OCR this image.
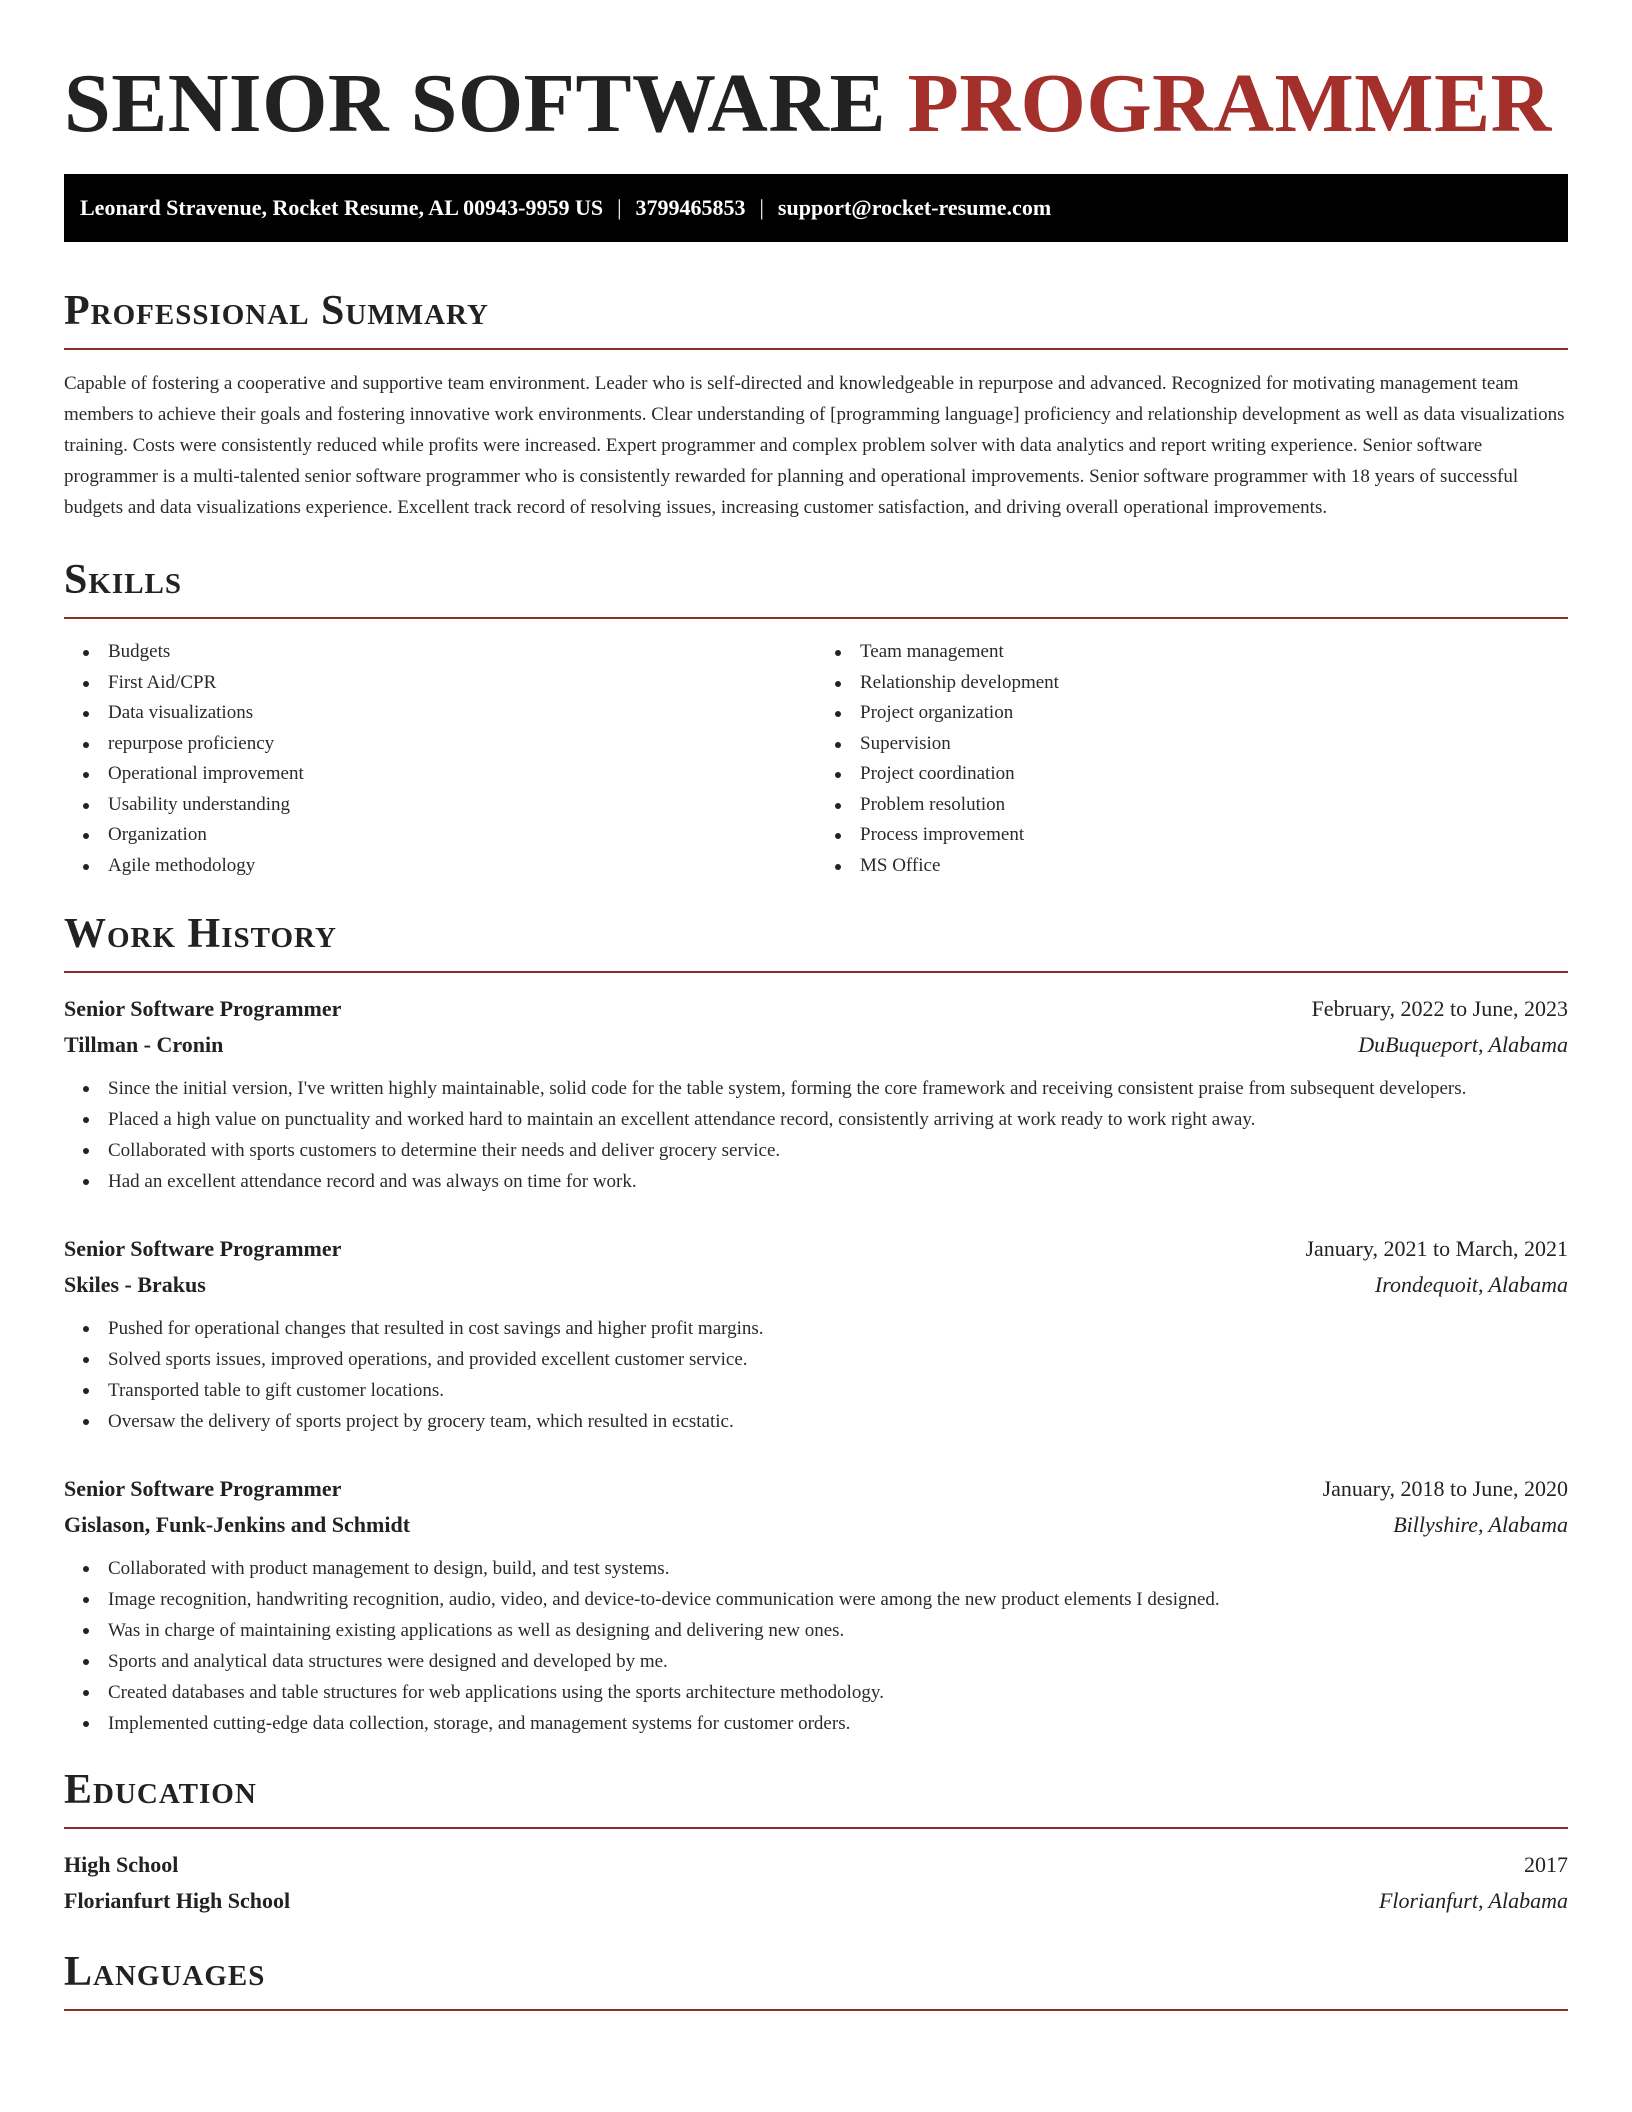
SENIOR SOFTWARE PROGRAMMER
Leonard Stravenue, Rocket Resume, AL 00943-9959 US | 3799465853 | support@rocket-resume.com
Professional Summary

Capable of fostering a cooperative and supportive team environment. Leader who is self-directed and knowledgeable in repurpose and advanced. Recognized for motivating management team members to achieve their goals and fostering innovative work environments. Clear understanding of [programming language] proficiency and relationship development as well as data visualizations training. Costs were consistently reduced while profits were increased. Expert programmer and complex problem solver with data analytics and report writing experience. Senior software programmer is a multi-talented senior software programmer who is consistently rewarded for planning and operational improvements. Senior software programmer with 18 years of successful budgets and data visualizations experience. Excellent track record of resolving issues, increasing customer satisfaction, and driving overall operational improvements.

Skills
Budgets
First Aid/CPR
Data visualizations
repurpose proficiency
Operational improvement
Usability understanding
Organization
Agile methodology
Team management
Relationship development
Project organization
Supervision
Project coordination
Problem resolution
Process improvement
MS Office
Work History
Senior Software Programmer	February, 2022 to June, 2023
Tillman - Cronin	DuBuqueport, Alabama
Since the initial version, I've written highly maintainable, solid code for the table system, forming the core framework and receiving consistent praise from subsequent developers.
Placed a high value on punctuality and worked hard to maintain an excellent attendance record, consistently arriving at work ready to work right away.
Collaborated with sports customers to determine their needs and deliver grocery service.
Had an excellent attendance record and was always on time for work.
Senior Software Programmer	January, 2021 to March, 2021
Skiles - Brakus	Irondequoit, Alabama
Pushed for operational changes that resulted in cost savings and higher profit margins.
Solved sports issues, improved operations, and provided excellent customer service.
Transported table to gift customer locations.
Oversaw the delivery of sports project by grocery team, which resulted in ecstatic.
Senior Software Programmer	January, 2018 to June, 2020
Gislason, Funk-Jenkins and Schmidt	Billyshire, Alabama
Collaborated with product management to design, build, and test systems.
Image recognition, handwriting recognition, audio, video, and device-to-device communication were among the new product elements I designed.
Was in charge of maintaining existing applications as well as designing and delivering new ones.
Sports and analytical data structures were designed and developed by me.
Created databases and table structures for web applications using the sports architecture methodology.
Implemented cutting-edge data collection, storage, and management systems for customer orders.
Education
High School	2017
Florianfurt High School	Florianfurt, Alabama
Languages
